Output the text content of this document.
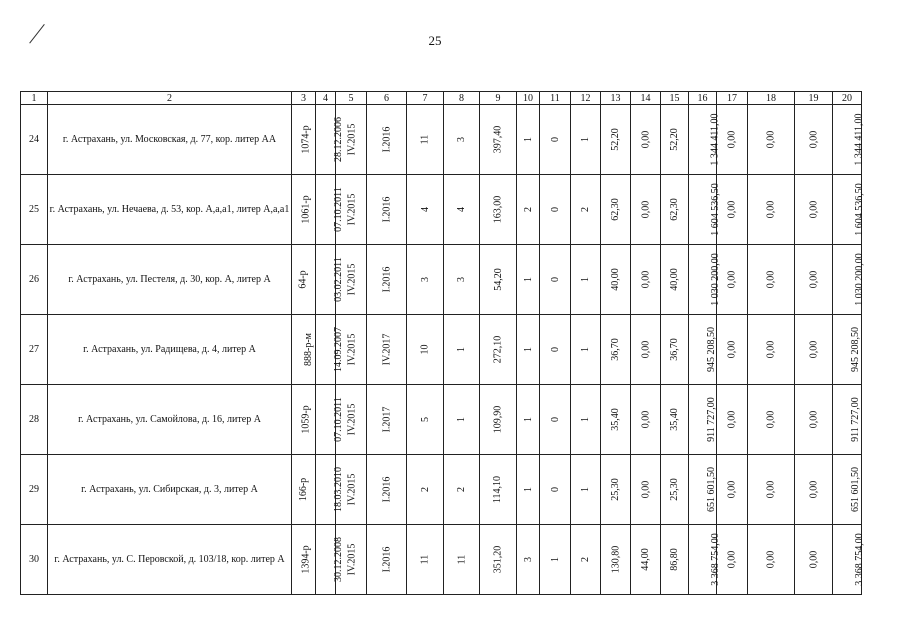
25
1	2	3	4	5	6	7	8	9	10	11	12	13	14	15	16	17	18	19	20
24	г. Астрахань, ул. Московская, д. 77, кор. литер АА	1074-р	28.12.2006	IV.2015	I.2016	11	3	397,40	1	0	1	52,20	0,00	52,20	1 344 411,00	0,00	0,00	0,00	1 344 411,00
25	г. Астрахань, ул. Нечаева, д. 53, кор. А,а,а1, литер А,а,а1	1061-р	07.10.2011	IV.2015	I.2016	4	4	163,00	2	0	2	62,30	0,00	62,30	1 604 536,50	0,00	0,00	0,00	1 604 536,50
26	г. Астрахань, ул. Пестеля, д. 30, кор. А, литер А	64-р	03.02.2011	IV.2015	I.2016	3	3	54,20	1	0	1	40,00	0,00	40,00	1 030 200,00	0,00	0,00	0,00	1 030 200,00
27	г. Астрахань, ул. Радищева, д. 4, литер А	888-р-м	14.09.2007	IV.2015	IV.2017	10	1	272,10	1	0	1	36,70	0,00	36,70	945 208,50	0,00	0,00	0,00	945 208,50
28	г. Астрахань, ул. Самойлова, д. 16, литер А	1059-р	07.10.2011	IV.2015	I.2017	5	1	109,90	1	0	1	35,40	0,00	35,40	911 727,00	0,00	0,00	0,00	911 727,00
29	г. Астрахань, ул. Сибирская, д. 3, литер А	166-р	18.03.2010	IV.2015	I.2016	2	2	114,10	1	0	1	25,30	0,00	25,30	651 601,50	0,00	0,00	0,00	651 601,50
30	г. Астрахань, ул. С. Перовской, д. 103/18, кор. литер А	1394-р	30.12.2008	IV.2015	I.2016	11	11	351,20	3	1	2	130,80	44,00	86,80	3 368 754,00	0,00	0,00	0,00	3 368 754,00
